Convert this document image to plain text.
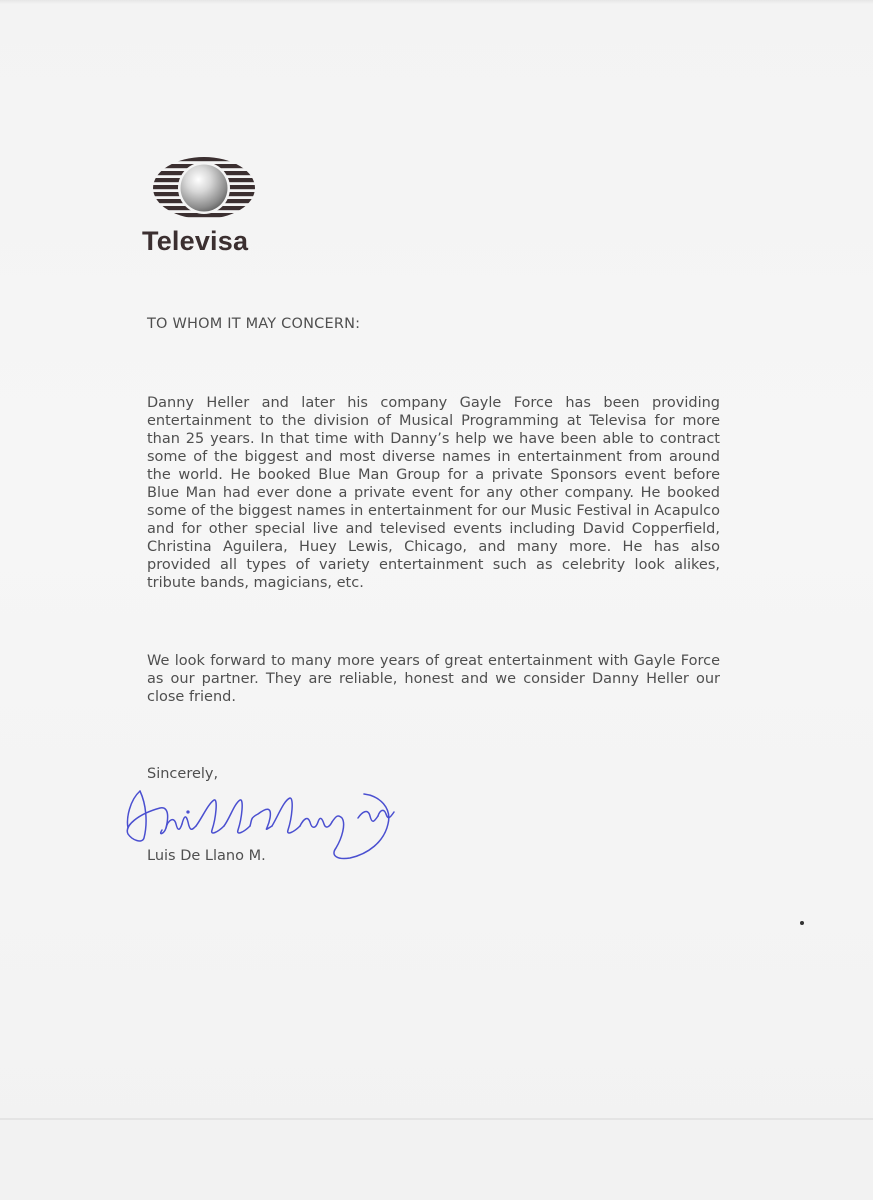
Televisa
TO WHOM IT MAY CONCERN:

Danny Heller and later his company Gayle Force has been providing entertainment to the division of Musical Programming at Televisa for more than 25 years. In that time with Danny’s help we have been able to contract some of the biggest and most diverse names in entertainment from around the world. He booked Blue Man Group for a private Sponsors event before Blue Man had ever done a private event for any other company. He booked some of the biggest names in entertainment for our Music Festival in Acapulco and for other special live and televised events including David Copperfield, Christina Aguilera, Huey Lewis, Chicago, and many more. He has also provided all types of variety entertainment such as celebrity look alikes, tribute bands, magicians, etc.

We look forward to many more years of great entertainment with Gayle Force as our partner. They are reliable, honest and we consider Danny Heller our close friend.

Sincerely,
Luis De Llano M.
